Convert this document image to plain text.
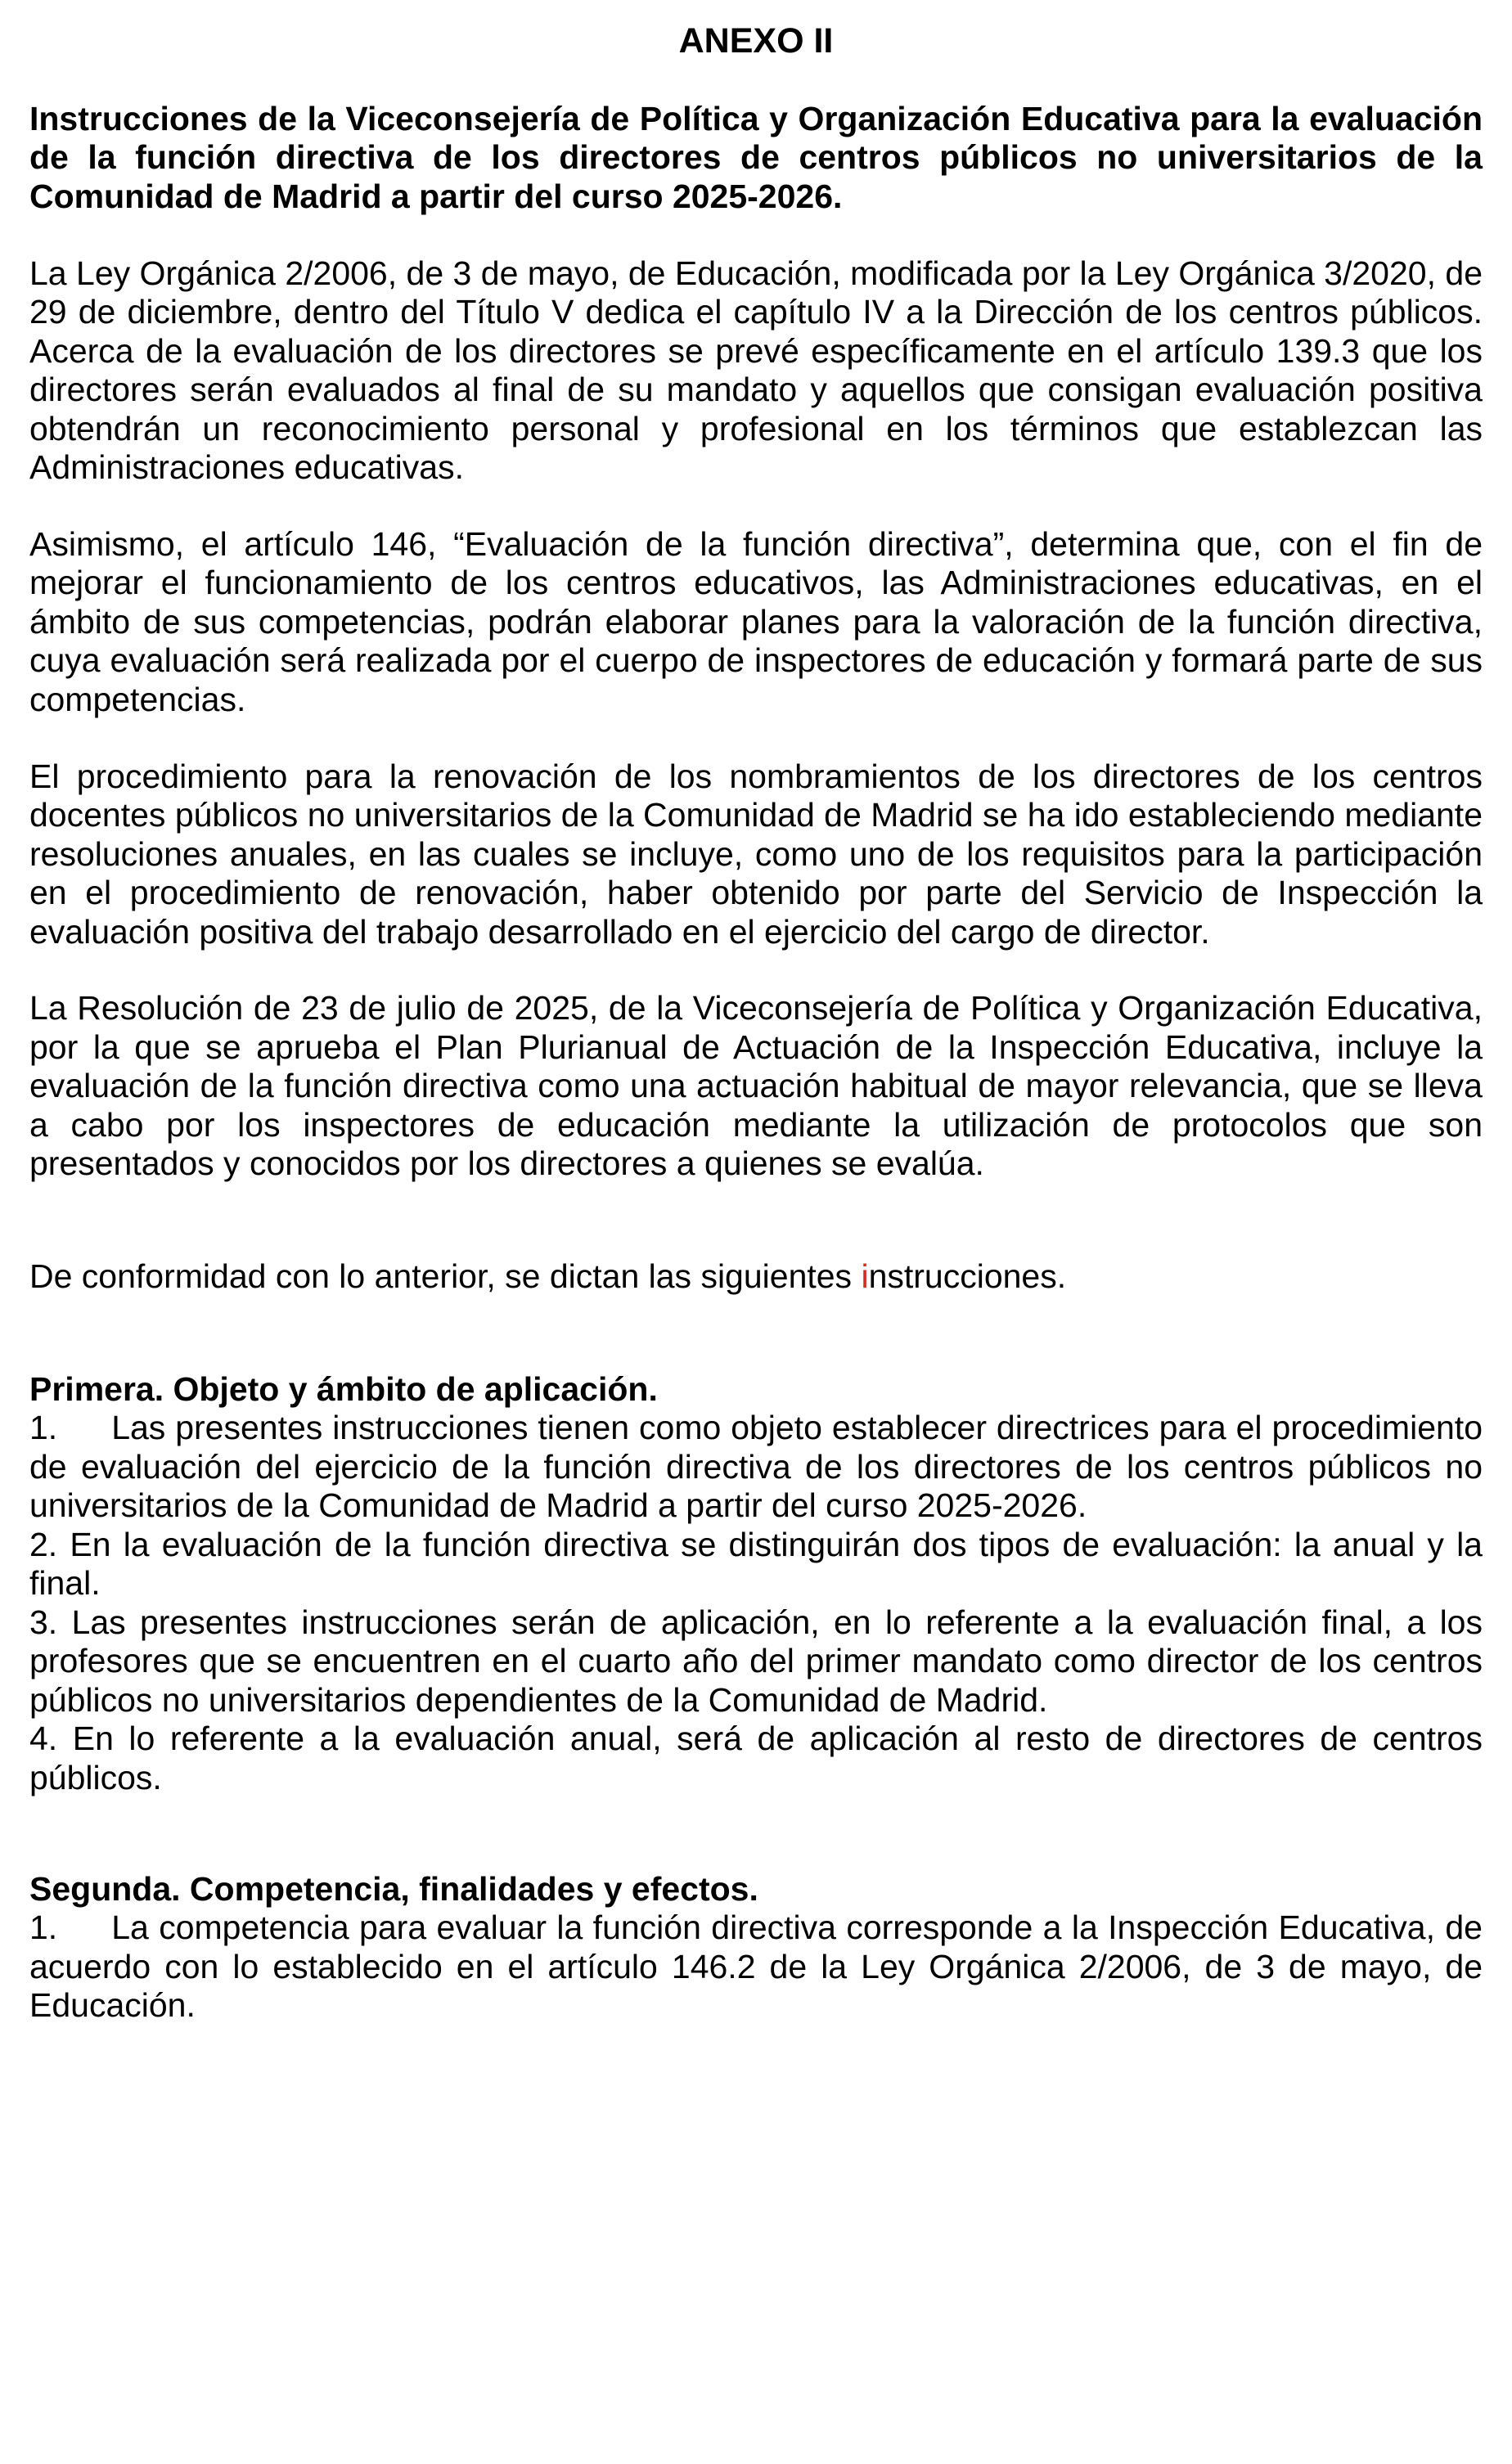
ANEXO II

Instrucciones de la Viceconsejería de Política y Organización Educativa para la evaluación de la función directiva de los directores de centros públicos no universitarios de la Comunidad de Madrid a partir del curso 2025-2026.

La Ley Orgánica 2/2006, de 3 de mayo, de Educación, modificada por la Ley Orgánica 3/2020, de 29 de diciembre, dentro del Título V dedica el capítulo IV a la Dirección de los centros públicos. Acerca de la evaluación de los directores se prevé específicamente en el artículo 139.3 que los directores serán evaluados al final de su mandato y aquellos que consigan evaluación positiva obtendrán un reconocimiento personal y profesional en los términos que establezcan las Administraciones educativas.

Asimismo, el artículo 146, “Evaluación de la función directiva”, determina que, con el fin de mejorar el funcionamiento de los centros educativos, las Administraciones educativas, en el ámbito de sus competencias, podrán elaborar planes para la valoración de la función directiva, cuya evaluación será realizada por el cuerpo de inspectores de educación y formará parte de sus competencias.

El procedimiento para la renovación de los nombramientos de los directores de los centros docentes públicos no universitarios de la Comunidad de Madrid se ha ido estableciendo mediante resoluciones anuales, en las cuales se incluye, como uno de los requisitos para la participación en el procedimiento de renovación, haber obtenido por parte del Servicio de Inspección la evaluación positiva del trabajo desarrollado en el ejercicio del cargo de director.

La Resolución de 23 de julio de 2025, de la Viceconsejería de Política y Organización Educativa, por la que se aprueba el Plan Plurianual de Actuación de la Inspección Educativa, incluye la evaluación de la función directiva como una actuación habitual de mayor relevancia, que se lleva a cabo por los inspectores de educación mediante la utilización de protocolos que son presentados y conocidos por los directores a quienes se evalúa.

De conformidad con lo anterior, se dictan las siguientes instrucciones.

Primera. Objeto y ámbito de aplicación.

1. Las presentes instrucciones tienen como objeto establecer directrices para el procedimiento de evaluación del ejercicio de la función directiva de los directores de los centros públicos no universitarios de la Comunidad de Madrid a partir del curso 2025-2026.

2. En la evaluación de la función directiva se distinguirán dos tipos de evaluación: la anual y la final.

3. Las presentes instrucciones serán de aplicación, en lo referente a la evaluación final, a los profesores que se encuentren en el cuarto año del primer mandato como director de los centros públicos no universitarios dependientes de la Comunidad de Madrid.

4. En lo referente a la evaluación anual, será de aplicación al resto de directores de centros públicos.

Segunda. Competencia, finalidades y efectos.

1. La competencia para evaluar la función directiva corresponde a la Inspección Educativa, de acuerdo con lo establecido en el artículo 146.2 de la Ley Orgánica 2/2006, de 3 de mayo, de Educación.
